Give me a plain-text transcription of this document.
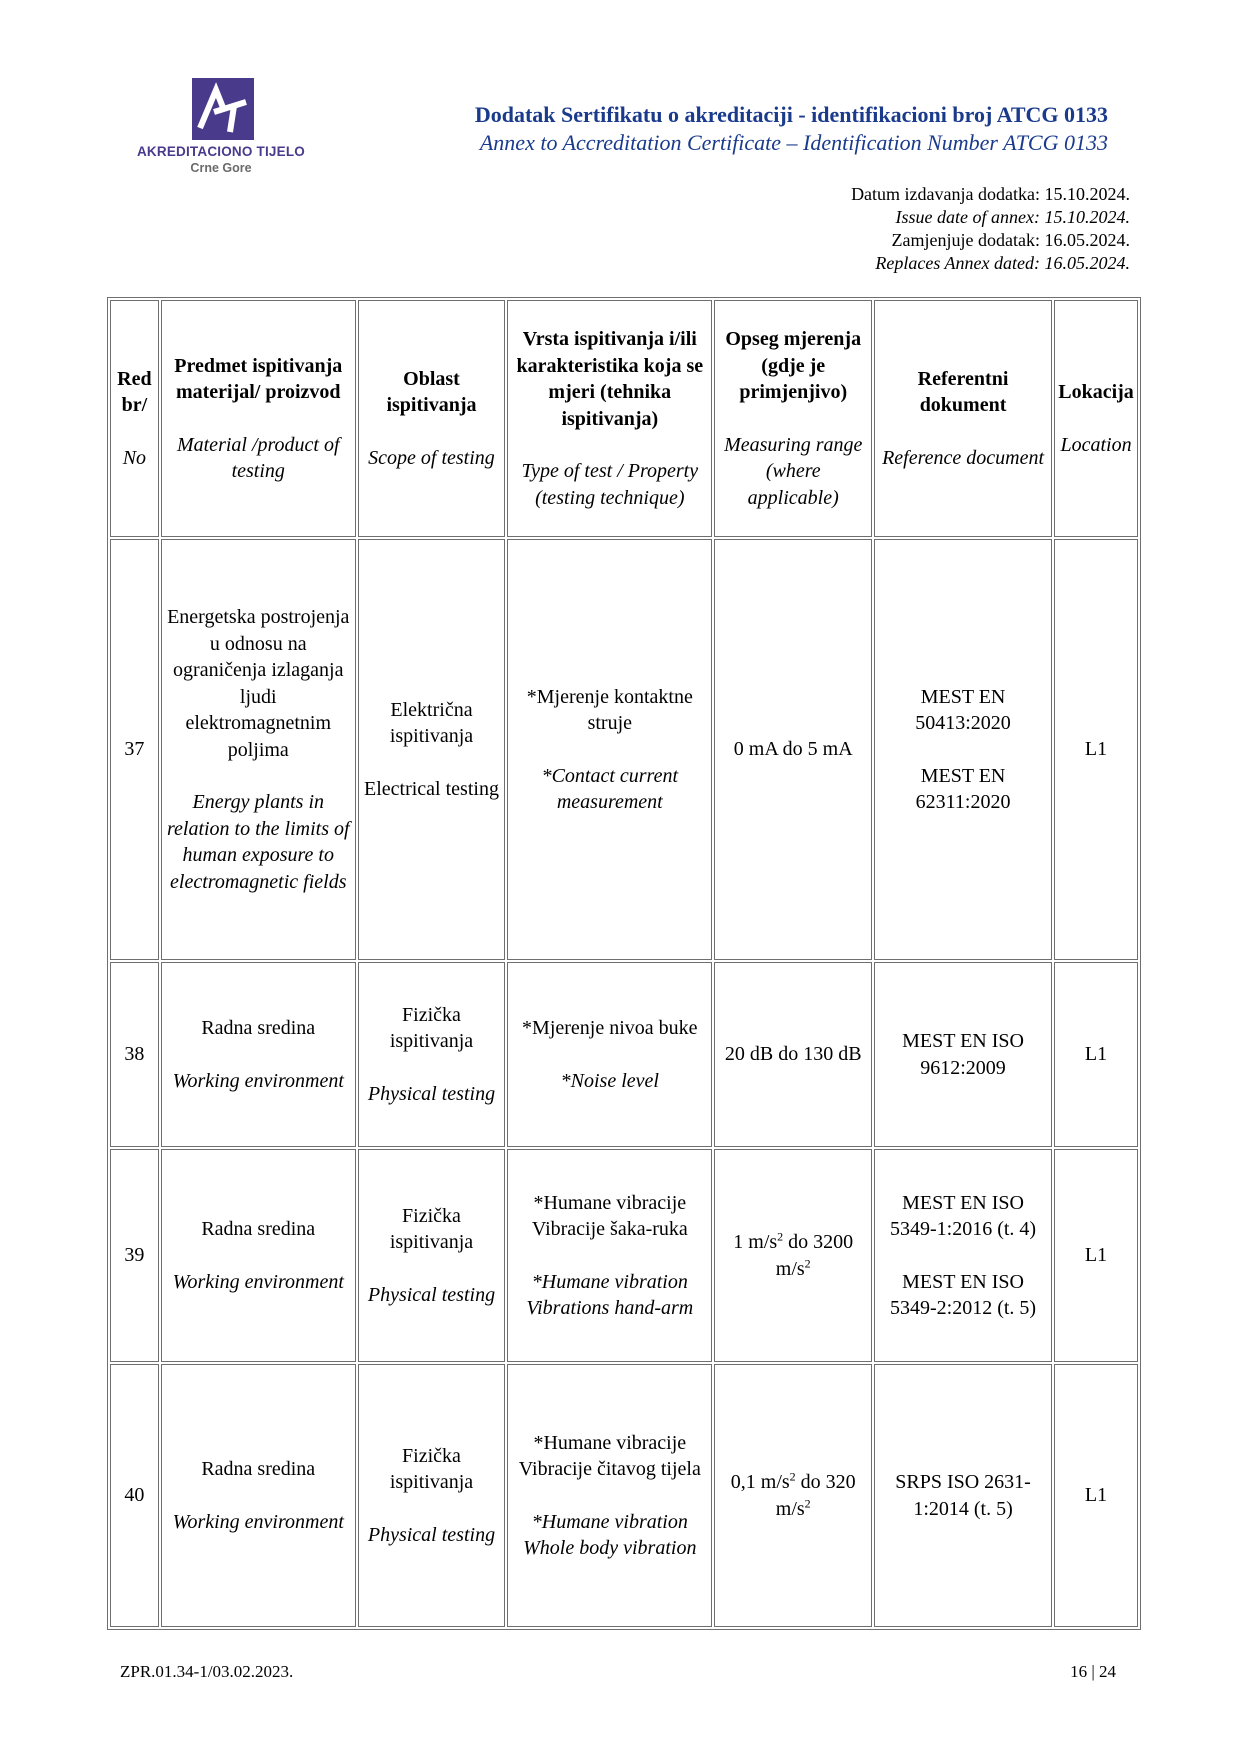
AKREDITACIONO TIJELO
Crne Gore
Dodatak Sertifikatu o akreditaciji - identifikacioni broj ATCG 0133
Annex to Accreditation Certificate – Identification Number ATCG 0133
Datum izdavanja dodatka: 15.10.2024.
Issue date of annex: 15.10.2024.
Zamjenjuje dodatak: 16.05.2024.
Replaces Annex dated: 16.05.2024.
Red br/
No	Predmet ispitivanja materijal/ proizvod
Material /product of testing	Oblast ispitivanja
Scope of testing	Vrsta ispitivanja i/ili karakteristika koja se mjeri (tehnika ispitivanja)
Type of test / Property (testing technique)	Opseg mjerenja (gdje je primjenjivo)
Measuring range (where applicable)	Referentni dokument
Reference document	Lokacija
Location

37	Energetska postrojenja u odnosu na ograničenja izlaganja ljudi elektromagnetnim poljima
Energy plants in relation to the limits of human exposure to electromagnetic fields	Električna ispitivanja
Electrical testing	*Mjerenje kontaktne struje
*Contact current measurement	0 mA do 5 mA	MEST EN 50413:2020
MEST EN 62311:2020	L1
38	Radna sredina
Working environment	Fizička ispitivanja
Physical testing	*Mjerenje nivoa buke
*Noise level	20 dB do 130 dB	MEST EN ISO 9612:2009	L1
39	Radna sredina
Working environment	Fizička ispitivanja
Physical testing	*Humane vibracije Vibracije šaka-ruka
*Humane vibration Vibrations hand-arm	1 $m/s^2$ do 3200 $m/s^2$	MEST EN ISO 5349-1:2016 (t. 4)
MEST EN ISO 5349-2:2012 (t. 5)	L1
40	Radna sredina
Working environment	Fizička ispitivanja
Physical testing	*Humane vibracije Vibracije čitavog tijela
*Humane vibration Whole body vibration	0,1 $m/s^2$ do 320 $m/s^2$	SRPS ISO 2631-1:2014 (t. 5)	L1
ZPR.01.34-1/03.02.2023.	16 | 24
